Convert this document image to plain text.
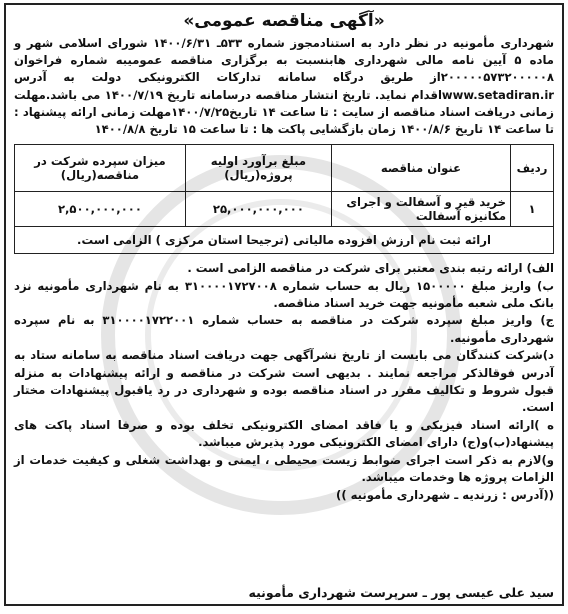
«آگهی مناقصه عمومی»
شهرداری مأمونیه در نظر دارد به استنادمجوز شماره ۵۳۳ـ ۱۴۰۰/۶/۳۱ شورای اسلامی شهر و ماده ۵ آیین نامه مالی شهرداری هابنسبت به برگزاری مناقصه عمومیبه شماره فراخوان ۲۰۰۰۰۰۵۷۳۲۰۰۰۰۰۸از طریق درگاه سامانه تدارکات الکترونیکی دولت به آدرس www.setadiran.irاقدام نماید. تاریخ انتشار مناقصه درسامانه تاریخ ۱۴۰۰/۷/۱۹ می باشد.مهلت زمانی دریافت اسناد مناقصه از سایت : تا ساعت ۱۴ تاریخ۱۴۰۰/۷/۲۵مهلت زمانی ارائه پیشنهاد : تا ساعت ۱۴ تاریخ ۱۴۰۰/۸/۶ زمان بازگشایی پاکت ها : تا ساعت ۱۵ تاریخ ۱۴۰۰/۸/۸
ردیف	عنوان مناقصه	مبلغ برآورد اولیه پروژه(ریال)	میزان سپرده شرکت در مناقصه(ریال)
۱	خرید قیر و آسفالت و اجرای مکانیزه آسفالت	۲۵,۰۰۰,۰۰۰,۰۰۰	۲,۵۰۰,۰۰۰,۰۰۰
ارائه ثبت نام ارزش افزوده مالیاتی (ترجیحا استان مرکزی ) الزامی است.			

الف) ارائه رتبه بندی معتبر برای شرکت در مناقصه الزامی است .

ب) واریز مبلغ ۱۵۰۰۰۰۰ ریال به حساب شماره ۳۱۰۰۰۰۱۷۲۷۰۰۸ به نام شهرداری مأمونیه نزد بانک ملی شعبه مأمونیه جهت خرید اسناد مناقصه.

ج) واریز مبلغ سپرده شرکت در مناقصه به حساب شماره ۳۱۰۰۰۰۱۷۲۲۰۰۱ به نام سپرده شهرداری مأمونیه.

د)شرکت کنندگان می بایست از تاریخ نشرآگهی جهت دریافت اسناد مناقصه به سامانه ستاد به آدرس فوقالذکر مراجعه نمایند . بدیهی است شرکت در مناقصه و ارائه پیشنهادات به منزله قبول شروط و تکالیف مقرر در اسناد مناقصه بوده و شهرداری در رد یاقبول پیشنهادات مختار است.

ه )ارائه اسناد فیزیکی و یا فاقد امضای الکترونیکی تخلف بوده و صرفا اسناد پاکت های پیشنهاد(ب)و(ج) دارای امضای الکترونیکی مورد پذیرش میباشد.

و)لازم به ذکر است اجرای ضوابط زیست محیطی ، ایمنی و بهداشت شغلی و کیفیت خدمات از الزامات پروژه ها وخدمات میباشد.

((آدرس : زرندیه ـ شهرداری مأمونیه ))

سید علی عیسی پور ـ سرپرست شهرداری مأمونیه
